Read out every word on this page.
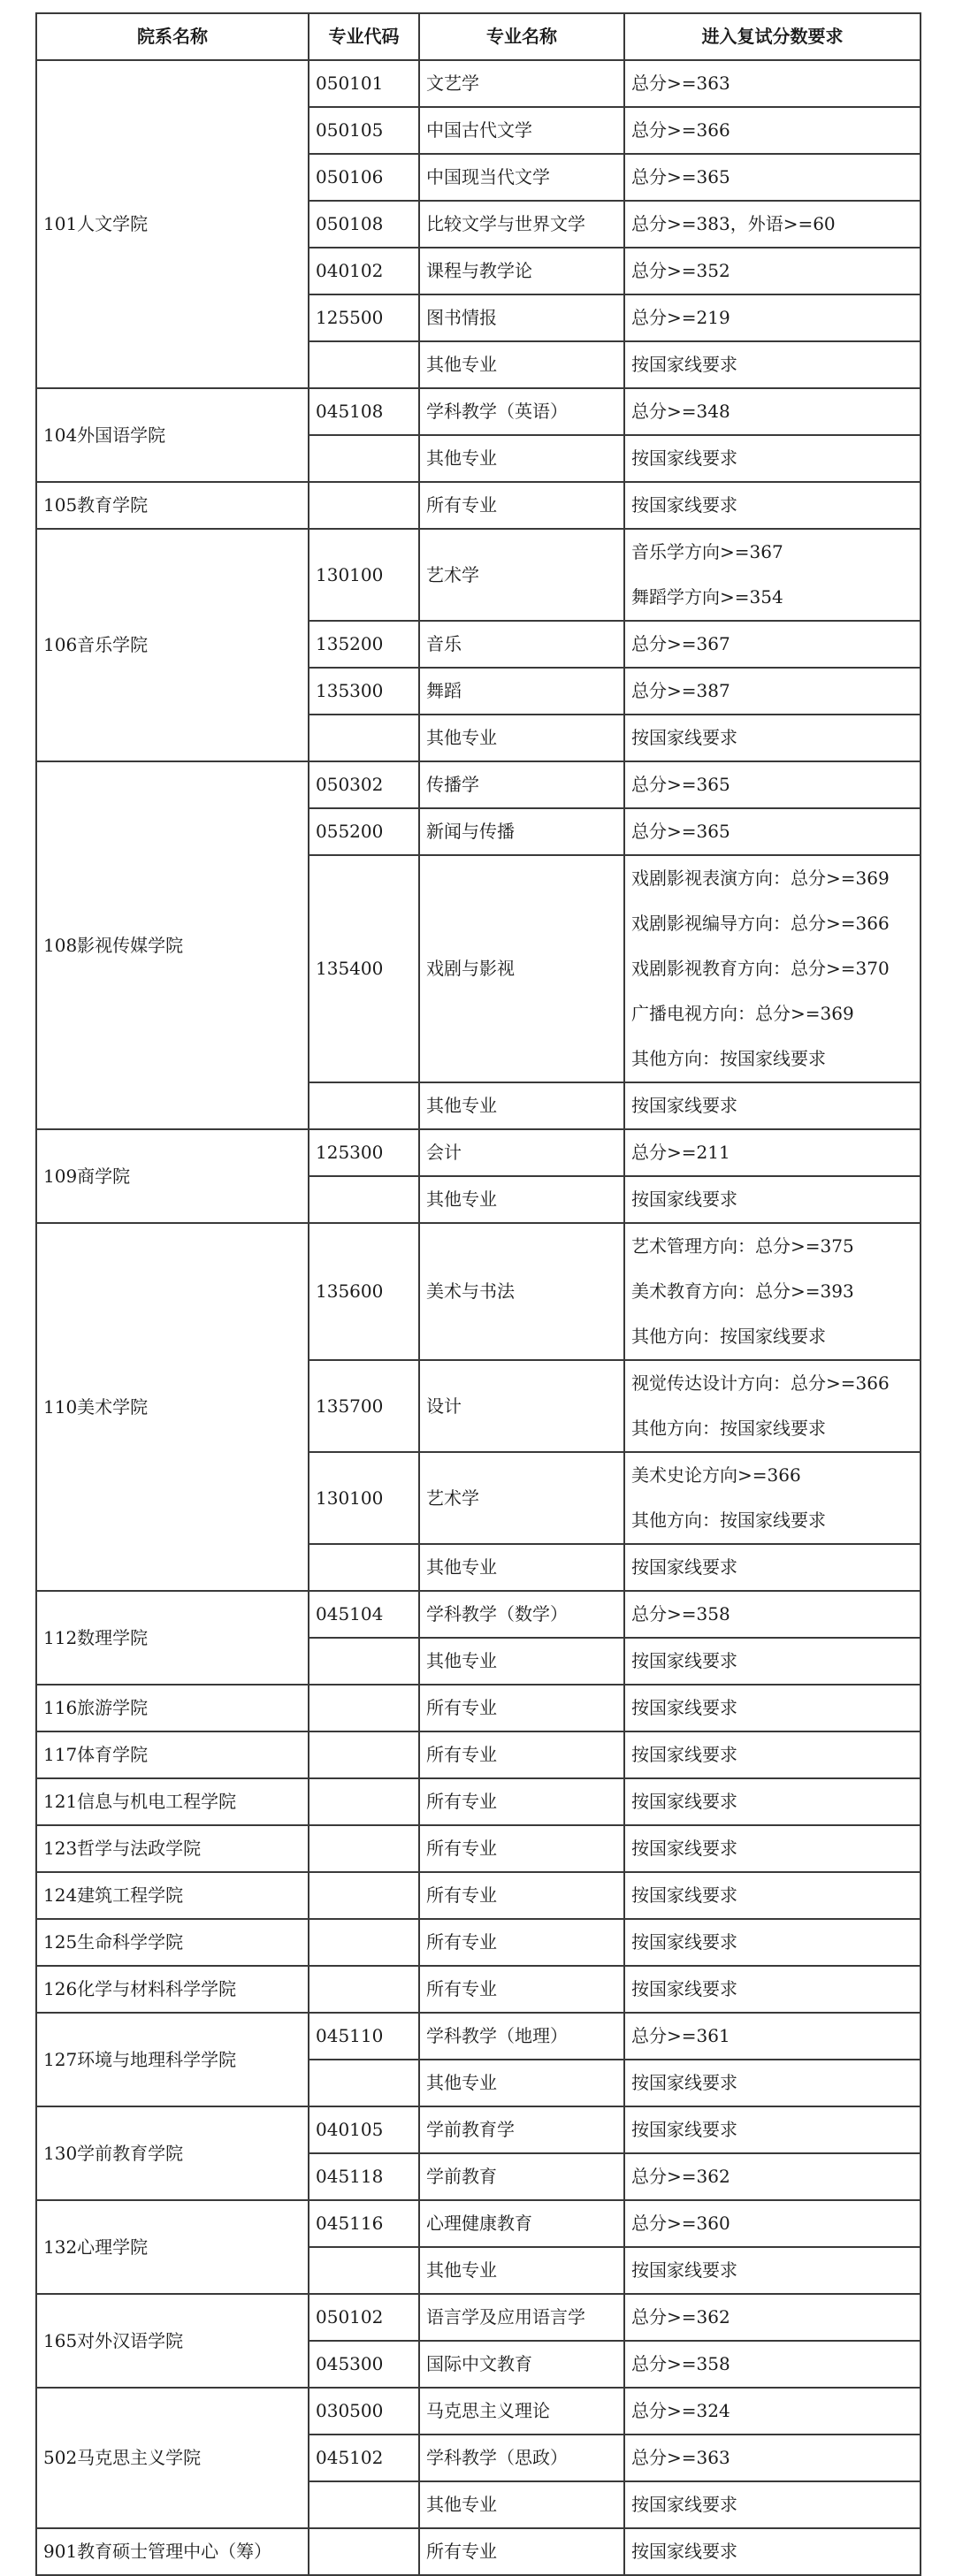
院系名称	专业代码	专业名称	进入复试分数要求
101人文学院	050101	文艺学	总分>=363

	050105	中国古代文学	总分>=366

	050106	中国现当代文学	总分>=365

	050108	比较文学与世界文学	总分>=383，外语>=60

	040102	课程与教学论	总分>=352

	125500	图书情报	总分>=219

		其他专业	按国家线要求

104外国语学院	045108	学科教学（英语）	总分>=348

		其他专业	按国家线要求

105教育学院		所有专业	按国家线要求

106音乐学院	130100	艺术学	音乐学方向>=367
舞蹈学方向>=354

	135200	音乐	总分>=367

	135300	舞蹈	总分>=387

		其他专业	按国家线要求

108影视传媒学院	050302	传播学	总分>=365

	055200	新闻与传播	总分>=365

	135400	戏剧与影视	戏剧影视表演方向：总分>=369
戏剧影视编导方向：总分>=366
戏剧影视教育方向：总分>=370
广播电视方向：总分>=369
其他方向：按国家线要求

		其他专业	按国家线要求

109商学院	125300	会计	总分>=211

		其他专业	按国家线要求

110美术学院	135600	美术与书法	艺术管理方向：总分>=375
美术教育方向：总分>=393
其他方向：按国家线要求

	135700	设计	视觉传达设计方向：总分>=366
其他方向：按国家线要求

	130100	艺术学	美术史论方向>=366
其他方向：按国家线要求

		其他专业	按国家线要求

112数理学院	045104	学科教学（数学）	总分>=358

		其他专业	按国家线要求

116旅游学院		所有专业	按国家线要求

117体育学院		所有专业	按国家线要求

121信息与机电工程学院		所有专业	按国家线要求

123哲学与法政学院		所有专业	按国家线要求

124建筑工程学院		所有专业	按国家线要求

125生命科学学院		所有专业	按国家线要求

126化学与材料科学学院		所有专业	按国家线要求

127环境与地理科学学院	045110	学科教学（地理）	总分>=361

		其他专业	按国家线要求

130学前教育学院	040105	学前教育学	按国家线要求

	045118	学前教育	总分>=362

132心理学院	045116	心理健康教育	总分>=360

		其他专业	按国家线要求

165对外汉语学院	050102	语言学及应用语言学	总分>=362

	045300	国际中文教育	总分>=358

502马克思主义学院	030500	马克思主义理论	总分>=324

	045102	学科教学（思政）	总分>=363

		其他专业	按国家线要求

901教育硕士管理中心（筹）		所有专业	按国家线要求
